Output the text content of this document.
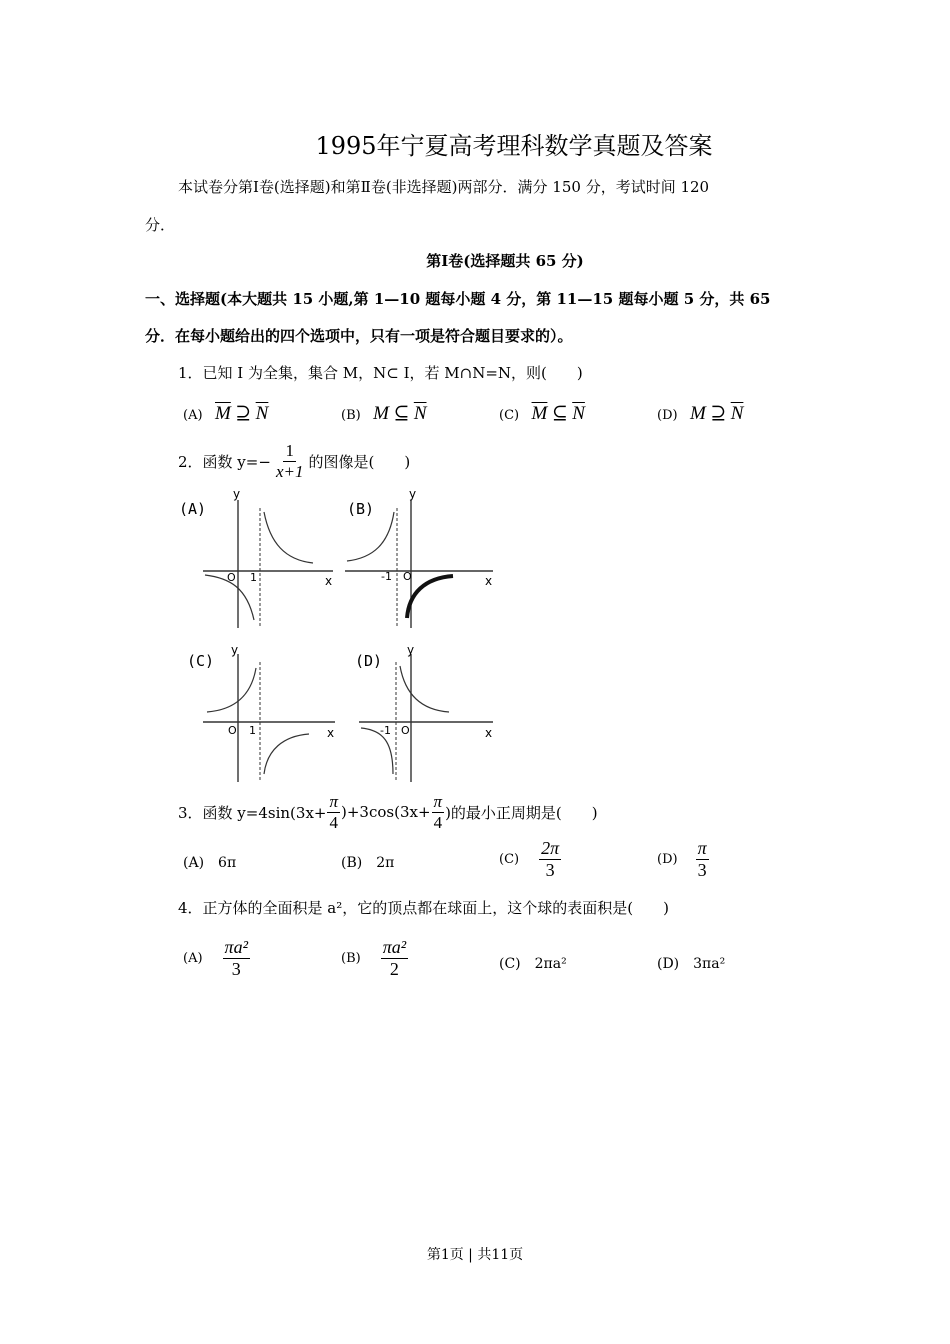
1995年宁夏高考理科数学真题及答案
本试卷分第Ⅰ卷(选择题)和第Ⅱ卷(非选择题)两部分．满分 150 分，考试时间 120
分．
第Ⅰ卷(选择题共 65 分)
一、选择题(本大题共 15 小题,第 1—10 题每小题 4 分，第 11—15 题每小题 5 分，共 65
分．在每小题给出的四个选项中，只有一项是符合题目要求的）。
1．已知 I 为全集，集合 M，N⊂ I，若 M∩N=N，则(　　)
(A) $\overline{M}$ ⊇ $\overline{N}$	(B) M ⊆ $\overline{N}$	(C) $\overline{M}$ ⊆ $\overline{N}$	(D) M ⊇ $\overline{N}$
2．函数 $y=- \frac{1}{x+1}$ 的图像是(　　)
(A)
y
x
O 1
(B)
y
x
O
-1
(C)
y
x
O 1
(D)
y
x
O
-1
3．函数 $y=4\sin(3x+ \frac{\pi}{4} )+3\cos(3x+ \frac{\pi}{4}$ )的最小正周期是(　　)
(A)　6π	(B)　2π	$(C) \frac{2\pi}{3}$	$(D) \frac{\pi}{3}$
4．正方体的全面积是 a²，它的顶点都在球面上，这个球的表面积是(　　)
$(A) \frac{\text{πa²}}{3}$	$(B) \frac{\text{πa²}}{2}$	(C)　2πa²	(D)　3πa²
第1页 | 共11页
